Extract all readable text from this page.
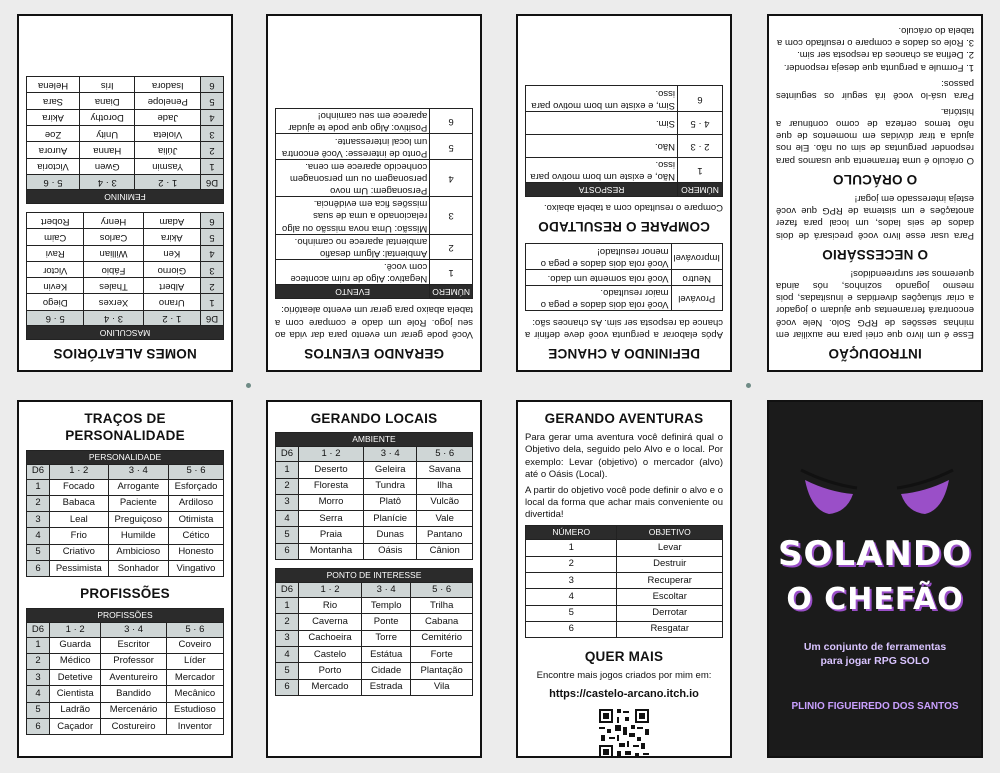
NOMES ALEATÓRIOS
MASCULINO			
D6	1 · 2	3 · 4	5 · 6
1	Urano	Xerxes	Diego
2	Albert	Thales	Kevin
3	Giorno	Fábio	Victor
4	Ken	Willian	Ravi
5	Akira	Carlos	Caim
6	Adam	Henry	Robert
FEMININO			
D6	1 · 2	3 · 4	5 · 6
1	Yasmin	Gwen	Victoria
2	Júlia	Hanna	Aurora
3	Violeta	Unity	Zoe
4	Jade	Dorothy	Akira
5	Penelope	Diana	Sara
6	Isadora	Iris	Helena
GERANDO EVENTOS

Você pode gerar um evento para dar vida ao seu jogo. Role um dado e compare com a tabela abaixo para gerar um evento aleatório:

NÚMERO	EVENTO
1	Negativo: Algo de ruim acontece com você.
2	Ambiental: Algum desafio ambiental aparece no caminho.
3	Missão: Uma nova missão ou algo relacionado a uma de suas missões fica em evidência.
4	Personagem: Um novo personagem ou um personagem conhecido aparece em cena.
5	Ponto de interesse: Você encontra um local interessante.
6	Positivo: Algo que pode te ajudar aparece em seu caminho!
DEFININDO A CHANCE

Após elaborar a pergunta você deve definir a chance da resposta ser sim. As chances são:

Provável	Você rola dois dados e pega o maior resultado.
Neutro	Você rola somente um dado.
Improvável	Você rola dois dados e pega o menor resultado!
COMPARE O RESULTADO

Compare o resultado com a tabela abaixo.

NÚMERO	RESPOSTA
1	Não, e existe um bom motivo para isso.
2 · 3	Não.
4 · 5	Sim.
6	Sim, e existe um bom motivo para isso.
INTRODUÇÃO

Esse é um livro que criei para me auxiliar em minhas sessões de RPG Solo. Nele você encontrará ferramentas que ajudam o jogador a criar situações divertidas e inusitadas, pois mesmo jogando sozinhos, nós ainda queremos ser surpreendidos!

O NECESSÁRIO

Para usar esse livro você precisará de dois dados de seis lados, um local para fazer anotações e um sistema de RPG que você esteja interessado em jogar!

O ORÁCULO

O oráculo é uma ferramenta que usamos para responder perguntas de sim ou não. Ele nos ajuda a tirar dúvidas em momentos de que não temos certeza de como continuar a história.

Para usá-lo você irá seguir os seguintes passos:

1. Formule a pergunta que deseja responder.
2. Defina as chances da resposta ser sim.
3. Role os dados e compare o resultado com a tabela do oráculo.
TRAÇOS DE PERSONALIDADE
PERSONALIDADE			
D6	1 · 2	3 · 4	5 · 6
1	Focado	Arrogante	Esforçado
2	Babaca	Paciente	Ardiloso
3	Leal	Preguiçoso	Otimista
4	Frio	Humilde	Cético
5	Criativo	Ambicioso	Honesto
6	Pessimista	Sonhador	Vingativo
PROFISSÕES
PROFISSÕES			
D6	1 · 2	3 · 4	5 · 6
1	Guarda	Escritor	Coveiro
2	Médico	Professor	Líder
3	Detetive	Aventureiro	Mercador
4	Cientista	Bandido	Mecânico
5	Ladrão	Mercenário	Estudioso
6	Caçador	Costureiro	Inventor
GERANDO LOCAIS
AMBIENTE			
D6	1 · 2	3 · 4	5 · 6
1	Deserto	Geleira	Savana
2	Floresta	Tundra	Ilha
3	Morro	Platô	Vulcão
4	Serra	Planície	Vale
5	Praia	Dunas	Pantano
6	Montanha	Oásis	Cânion
PONTO DE INTERESSE			
D6	1 · 2	3 · 4	5 · 6
1	Rio	Templo	Trilha
2	Caverna	Ponte	Cabana
3	Cachoeira	Torre	Cemitério
4	Castelo	Estátua	Forte
5	Porto	Cidade	Plantação
6	Mercado	Estrada	Vila
GERANDO AVENTURAS

Para gerar uma aventura você definirá qual o Objetivo dela, seguido pelo Alvo e o local. Por exemplo: Levar (objetivo) o mercador (alvo) até o Oásis (Local).

A partir do objetivo você pode definir o alvo e o local da forma que achar mais conveniente ou divertida!

NÚMERO	OBJETIVO
1	Levar
2	Destruir
3	Recuperar
4	Escoltar
5	Derrotar
6	Resgatar
QUER MAIS

Encontre mais jogos criados por mim em:

https://castelo-arcano.itch.io
SOLANDO
O CHEFÃO
Um conjunto de ferramentas
para jogar RPG SOLO
PLINIO FIGUEIREDO DOS SANTOS
